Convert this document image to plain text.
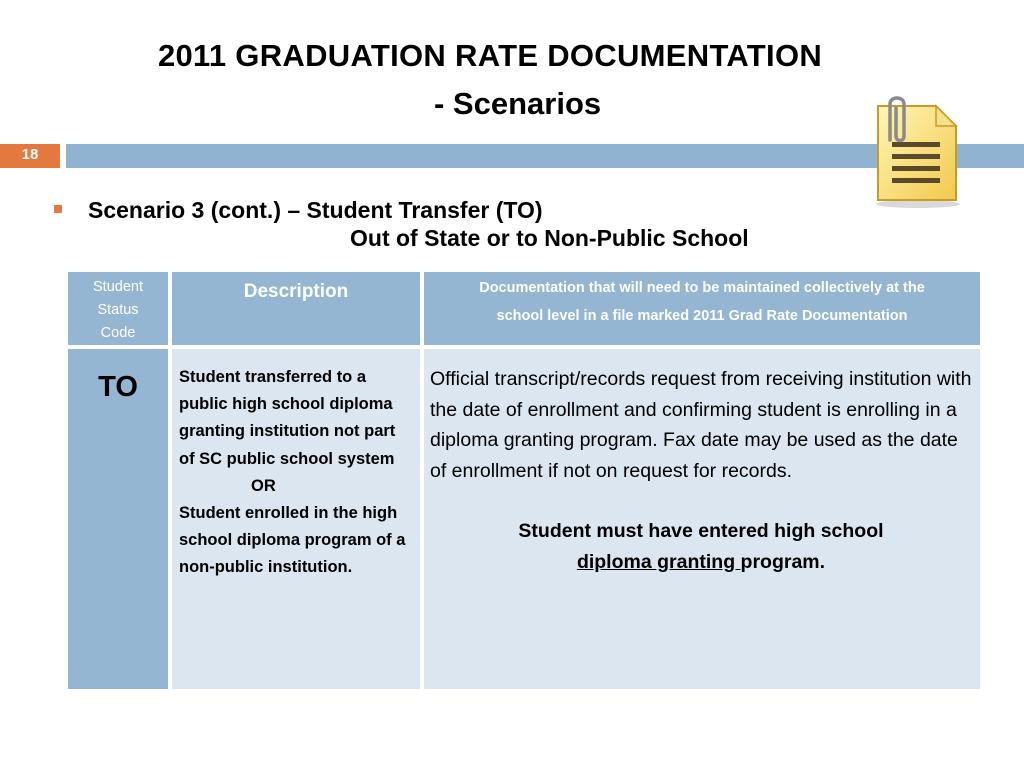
2011 GRADUATION RATE DOCUMENTATION
- Scenarios
18
Scenario 3 (cont.) – Student Transfer (TO)
Out of State or to Non-Public School
Student
Status
Code
Description	Documentation that will need to be maintained collectively at the
school level in a file marked 2011 Grad Rate Documentation
TO	Student transferred to a public high school diploma granting institution not part of SC public school system
OR
Student enrolled in the high school diploma program of a non-public institution.
Official transcript/records request from receiving institution with the date of enrollment and confirming student is enrolling in a diploma granting program. Fax date may be used as the date of enrollment if not on request for records.
Student must have entered high school
diploma granting program.
